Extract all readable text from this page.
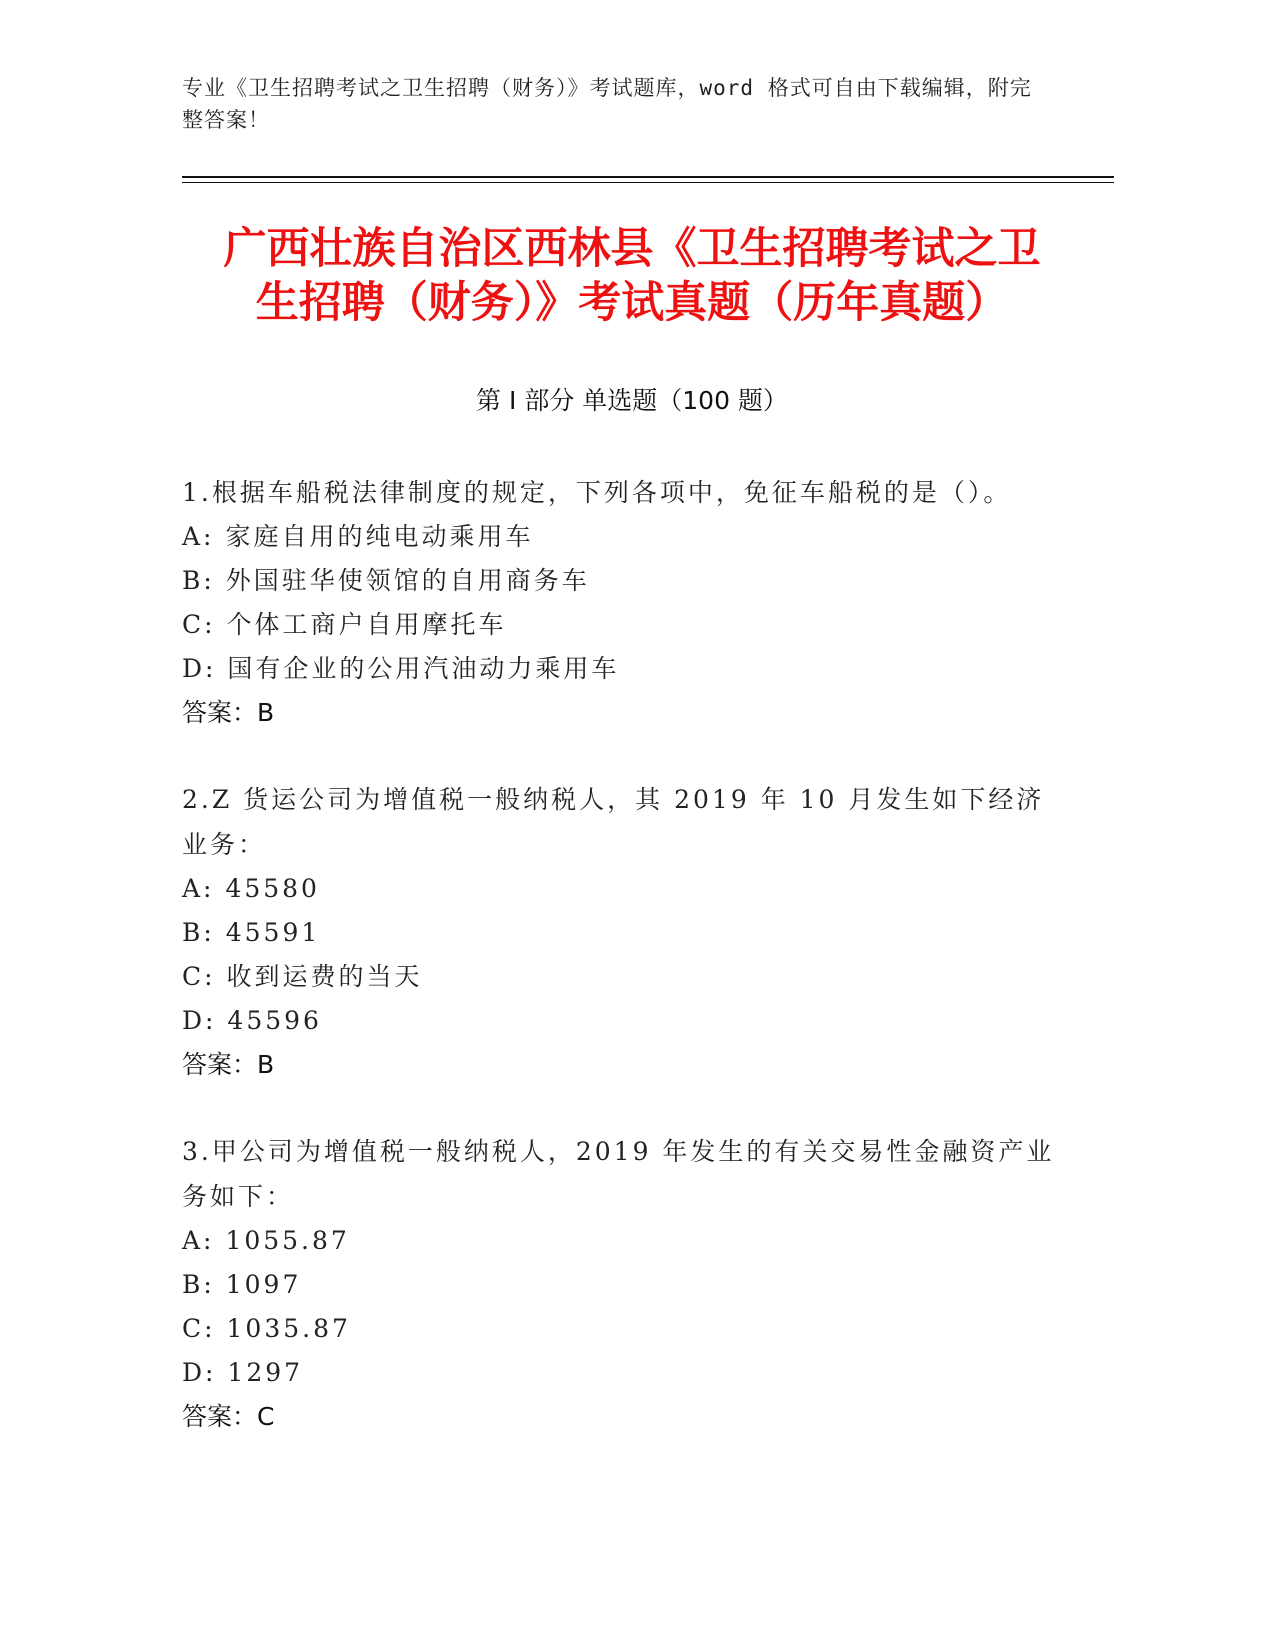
专业《卫生招聘考试之卫生招聘（财务）》考试题库，word 格式可自由下载编辑，附完整答案！
广西壮族自治区西林县《卫生招聘考试之卫
生招聘（财务）》考试真题（历年真题）
第 I 部分 单选题（100 题）
1.根据车船税法律制度的规定，下列各项中，免征车船税的是（）。
A: 家庭自用的纯电动乘用车
B: 外国驻华使领馆的自用商务车
C: 个体工商户自用摩托车
D: 国有企业的公用汽油动力乘用车
答案：B
2.Z 货运公司为增值税一般纳税人，其 2019 年 10 月发生如下经济业务：
A: 45580
B: 45591
C: 收到运费的当天
D: 45596
答案：B
3.甲公司为增值税一般纳税人，2019 年发生的有关交易性金融资产业务如下：
A: 1055.87
B: 1097
C: 1035.87
D: 1297
答案：C
